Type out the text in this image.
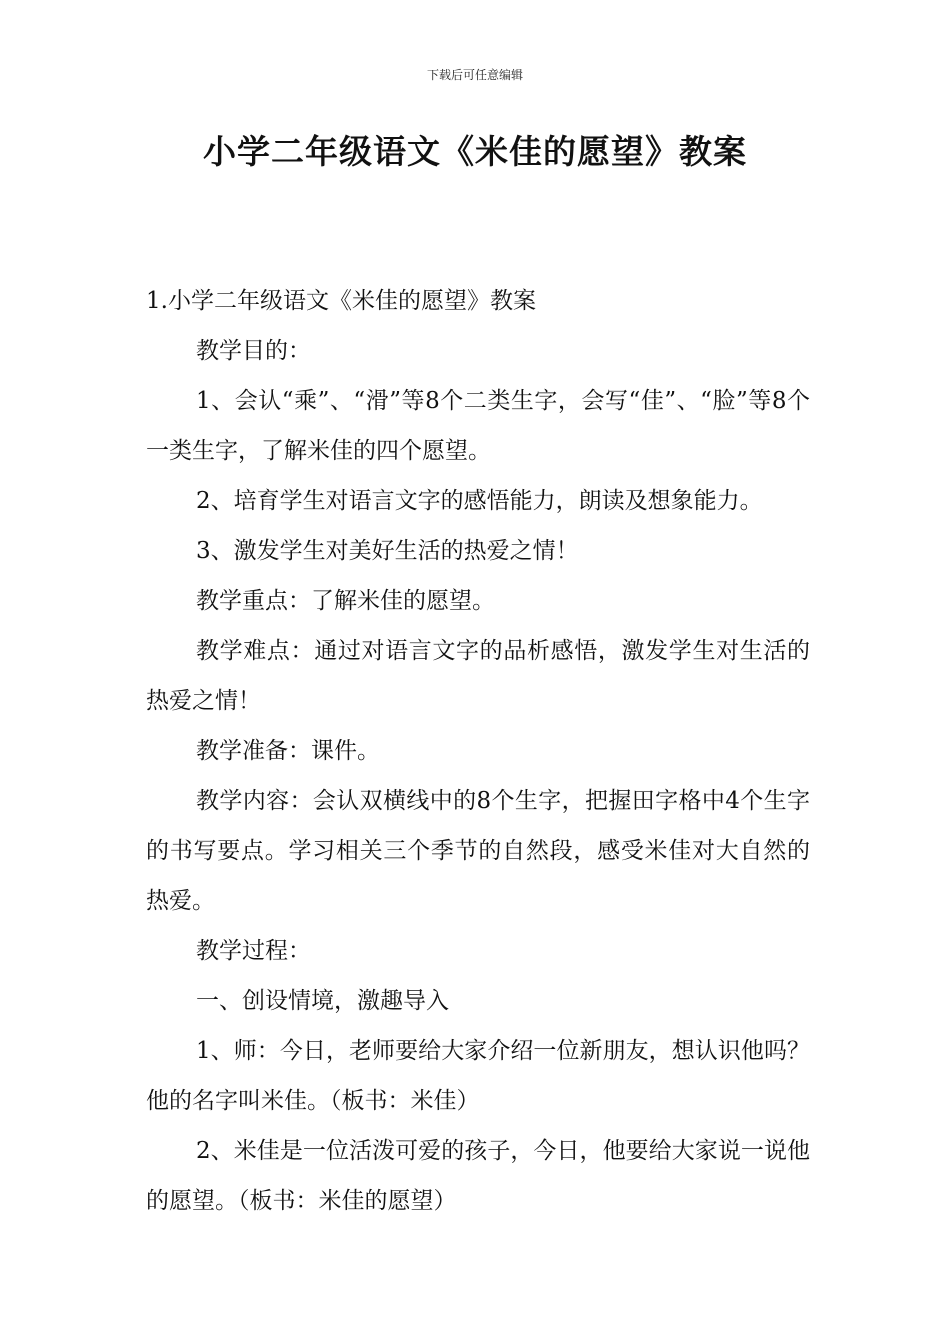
下载后可任意编辑
小学二年级语文《米佳的愿望》教案

1.小学二年级语文《米佳的愿望》教案

教学目的：

1、会认“乘”、“滑”等8个二类生字，会写“佳”、“脸”等8个一类生字，了解米佳的四个愿望。

2、培育学生对语言文字的感悟能力，朗读及想象能力。

3、激发学生对美好生活的热爱之情！

教学重点：了解米佳的愿望。

教学难点：通过对语言文字的品析感悟，激发学生对生活的热爱之情！

教学准备：课件。

教学内容：会认双横线中的8个生字，把握田字格中4个生字的书写要点。学习相关三个季节的自然段，感受米佳对大自然的热爱。

教学过程：

一、创设情境，激趣导入

1、师：今日，老师要给大家介绍一位新朋友，想认识他吗？他的名字叫米佳。（板书：米佳）

2、米佳是一位活泼可爱的孩子，今日，他要给大家说一说他的愿望。（板书：米佳的愿望）
